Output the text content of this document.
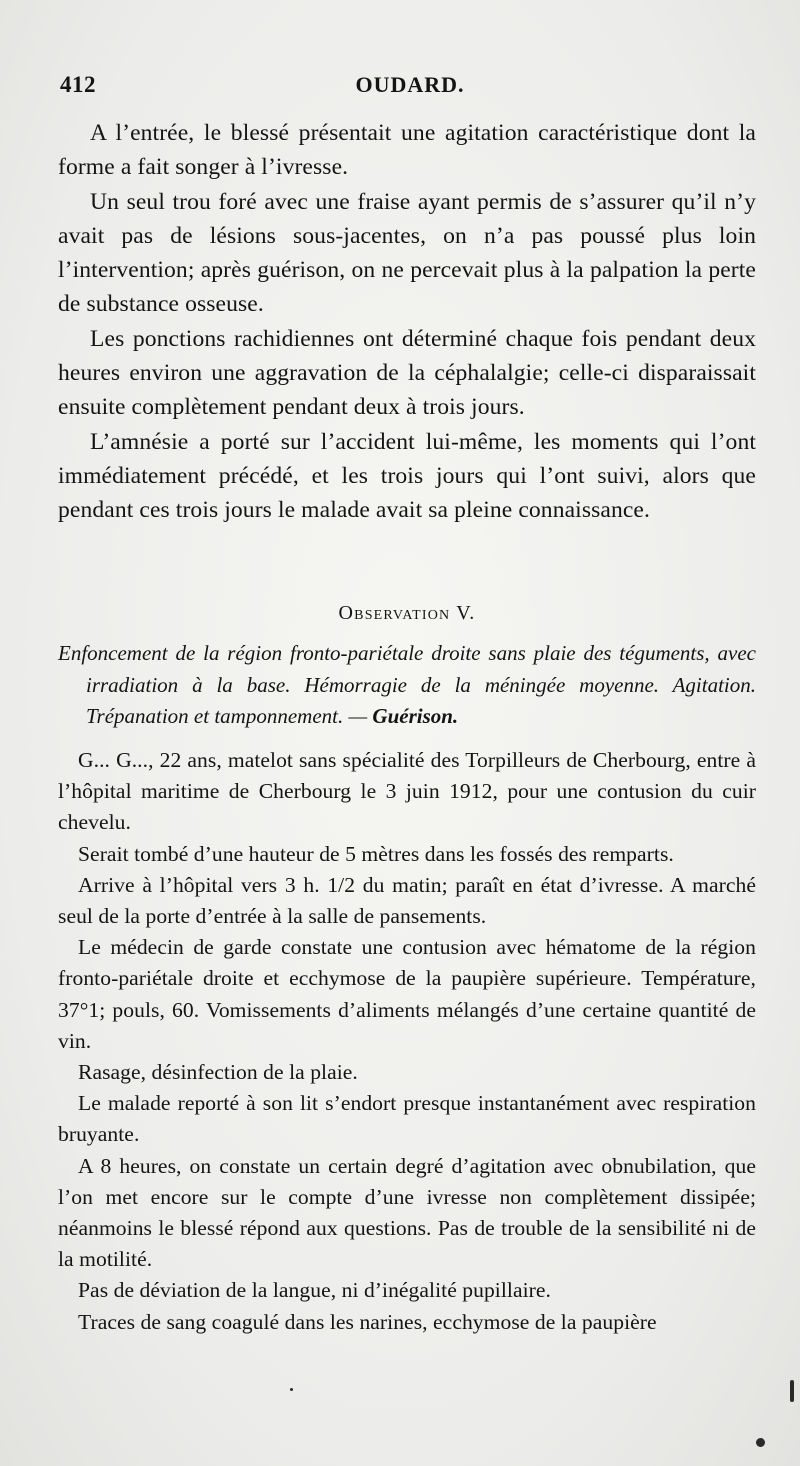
412	OUDARD.

A l’entrée, le blessé présentait une agitation caractéristique dont la forme a fait songer à l’ivresse.

Un seul trou foré avec une fraise ayant permis de s’assurer qu’il n’y avait pas de lésions sous-jacentes, on n’a pas poussé plus loin l’intervention; après guérison, on ne percevait plus à la palpation la perte de substance osseuse.

Les ponctions rachidiennes ont déterminé chaque fois pendant deux heures environ une aggravation de la céphalalgie; celle-ci disparaissait ensuite complètement pendant deux à trois jours.

L’amnésie a porté sur l’accident lui-même, les moments qui l’ont immédiatement précédé, et les trois jours qui l’ont suivi, alors que pendant ces trois jours le malade avait sa pleine connaissance.

Observation V.

Enfoncement de la région fronto-pariétale droite sans plaie des téguments, avec irradiation à la base. Hémorragie de la méningée moyenne. Agitation. Trépanation et tamponnement. — Guérison.

G... G..., 22 ans, matelot sans spécialité des Torpilleurs de Cherbourg, entre à l’hôpital maritime de Cherbourg le 3 juin 1912, pour une contusion du cuir chevelu.

Serait tombé d’une hauteur de 5 mètres dans les fossés des remparts.

Arrive à l’hôpital vers 3 h. 1/2 du matin; paraît en état d’ivresse. A marché seul de la porte d’entrée à la salle de pansements.

Le médecin de garde constate une contusion avec hématome de la région fronto-pariétale droite et ecchymose de la paupière supérieure. Température, 37°1; pouls, 60. Vomissements d’aliments mélangés d’une certaine quantité de vin.

Rasage, désinfection de la plaie.

Le malade reporté à son lit s’endort presque instantanément avec respiration bruyante.

A 8 heures, on constate un certain degré d’agitation avec obnubilation, que l’on met encore sur le compte d’une ivresse non complètement dissipée; néanmoins le blessé répond aux questions. Pas de trouble de la sensibilité ni de la motilité.

Pas de déviation de la langue, ni d’inégalité pupillaire.

Traces de sang coagulé dans les narines, ecchymose de la paupière
